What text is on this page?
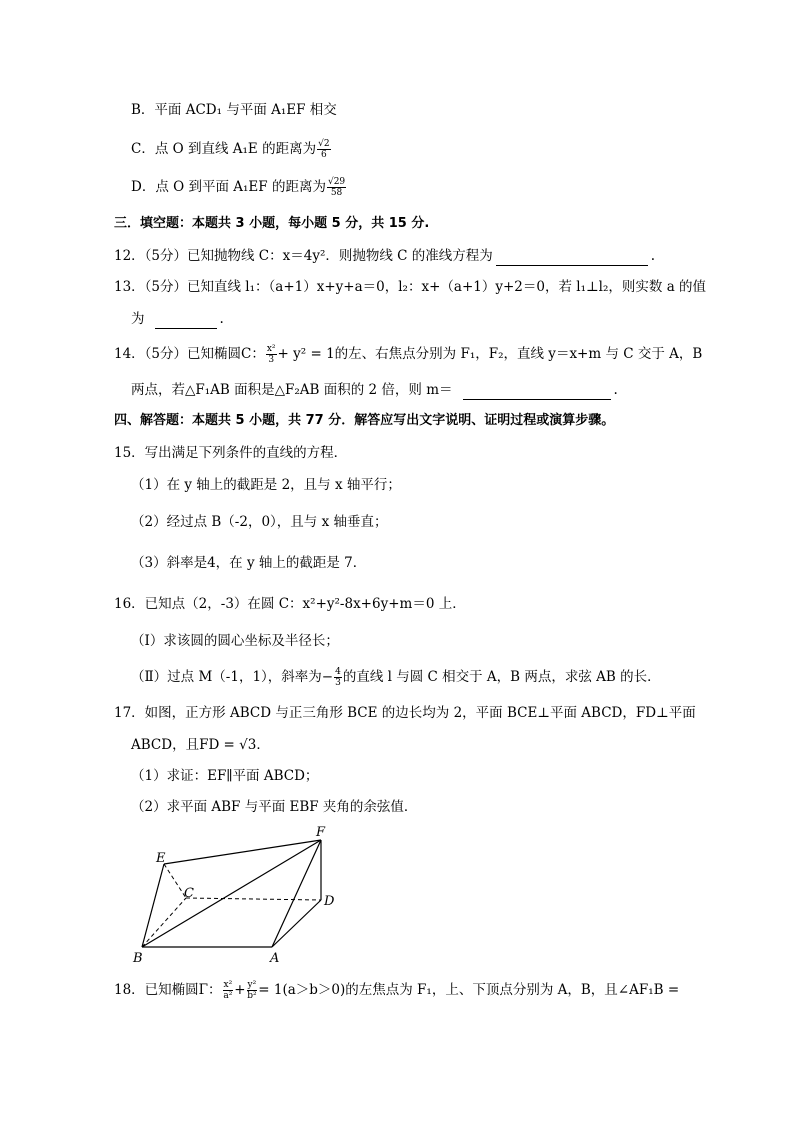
B．平面 ACD₁ 与平面 A₁EF 相交
C．点 O 到直线 A₁E 的距离为 $\frac{√2}{6}$
D．点 O 到平面 A₁EF 的距离为 $\frac{√29}{58}$
三．填空题：本题共 3 小题，每小题 5 分，共 15 分.
12．（5分）已知抛物线 C：x＝4y²．则抛物线 C 的准线方程为	.
13．（5分）已知直线 l₁：（a+1）x+y+a＝0，l₂：x+（a+1）y+2＝0，若 l₁⊥l₂，则实数 a 的值
为	.
14．（5分）已知椭圆C： $\frac{\text{x²}}{3} + y^2 = 1$的左、右焦点分别为 F₁，F₂，直线 y＝x+m 与 C 交于 A，B
两点，若△F₁AB 面积是△F₂AB 面积的 2 倍，则 m＝	.
四、解答题：本题共 5 小题，共 77 分．解答应写出文字说明、证明过程或演算步骤。
15．写出满足下列条件的直线的方程．
（1）在 y 轴上的截距是 2，且与 x 轴平行；
（2）经过点 B（-2，0），且与 x 轴垂直；
（3）斜率是4，在 y 轴上的截距是 7．
16．已知点（2，-3）在圆 C：x²+y²-8x+6y+m＝0 上．
（Ⅰ）求该圆的圆心坐标及半径长；
（Ⅱ）过点 M（-1，1），斜率为− $\frac{4}{3}$ 的直线 l 与圆 C 相交于 A，B 两点，求弦 AB 的长．
17．如图，正方形 ABCD 与正三角形 BCE 的边长均为 2，平面 BCE⊥平面 ABCD，FD⊥平面
ABCD，且FD = √3．
（1）求证：EF∥平面 ABCD；
（2）求平面 ABF 与平面 EBF 夹角的余弦值．
E
F
C
D
B	A
18．已知椭圆Γ： $\frac{\text{x²}}{\text{a²}} + \frac{\text{y²}}{\text{b²}} = 1(a>b>0)$的左焦点为 F₁，上、下顶点分别为 A，B，且∠AF₁B =
